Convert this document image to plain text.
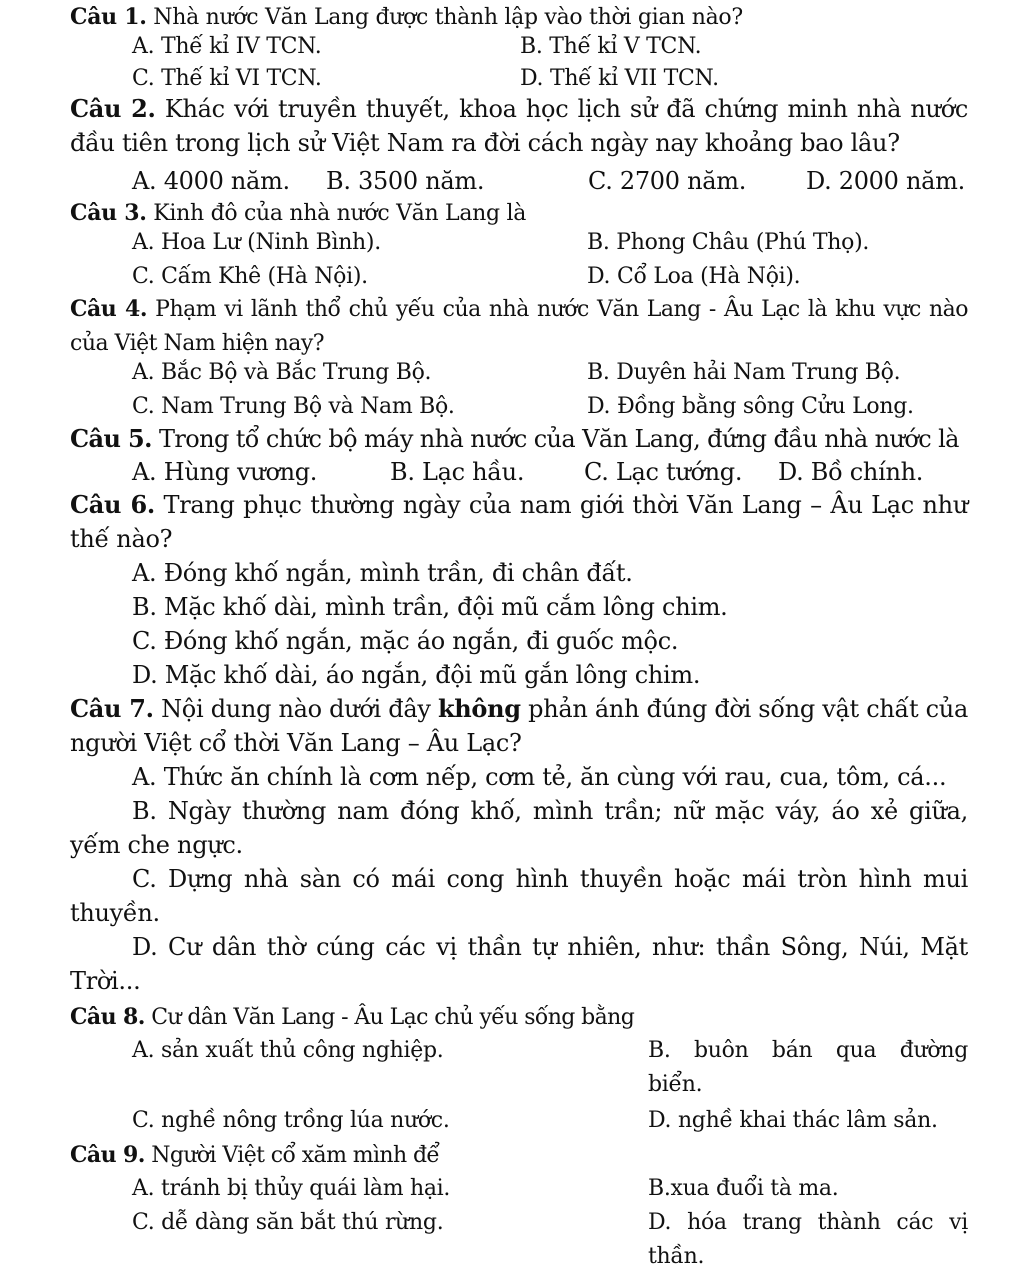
Câu 1. Nhà nước Văn Lang được thành lập vào thời gian nào?
A. Thế kỉ IV TCN.	B. Thế kỉ V TCN.
C. Thế kỉ VI TCN.	D. Thế kỉ VII TCN.
Câu 2. Khác với truyền thuyết, khoa học lịch sử đã chứng minh nhà nước đầu tiên trong lịch sử Việt Nam ra đời cách ngày nay khoảng bao lâu?
A. 4000 năm. B. 3500 năm.	C. 2700 năm. D. 2000 năm.
Câu 3. Kinh đô của nhà nước Văn Lang là
A. Hoa Lư (Ninh Bình).	B. Phong Châu (Phú Thọ).
C. Cấm Khê (Hà Nội).	D. Cổ Loa (Hà Nội).
Câu 4. Phạm vi lãnh thổ chủ yếu của nhà nước Văn Lang - Âu Lạc là khu vực nào của Việt Nam hiện nay?
A. Bắc Bộ và Bắc Trung Bộ.	B. Duyên hải Nam Trung Bộ.
C. Nam Trung Bộ và Nam Bộ.	D. Đồng bằng sông Cửu Long.
Câu 5. Trong tổ chức bộ máy nhà nước của Văn Lang, đứng đầu nhà nước là
A. Hùng vương.	B. Lạc hầu. C. Lạc tướng. D. Bồ chính.
Câu 6. Trang phục thường ngày của nam giới thời Văn Lang – Âu Lạc như thế nào?
A. Đóng khố ngắn, mình trần, đi chân đất.
B. Mặc khố dài, mình trần, đội mũ cắm lông chim.
C. Đóng khố ngắn, mặc áo ngắn, đi guốc mộc.
D. Mặc khố dài, áo ngắn, đội mũ gắn lông chim.
Câu 7. Nội dung nào dưới đây không phản ánh đúng đời sống vật chất của người Việt cổ thời Văn Lang – Âu Lạc?
A. Thức ăn chính là cơm nếp, cơm tẻ, ăn cùng với rau, cua, tôm, cá...
B. Ngày thường nam đóng khố, mình trần; nữ mặc váy, áo xẻ giữa, yếm che ngực.
C. Dựng nhà sàn có mái cong hình thuyền hoặc mái tròn hình mui thuyền.
D. Cư dân thờ cúng các vị thần tự nhiên, như: thần Sông, Núi, Mặt Trời...
Câu 8. Cư dân Văn Lang - Âu Lạc chủ yếu sống bằng
A. sản xuất thủ công nghiệp.	B. buôn bán qua đường biển.
C. nghề nông trồng lúa nước.	D. nghề khai thác lâm sản.
Câu 9. Người Việt cổ xăm mình để
A. tránh bị thủy quái làm hại.	B.xua đuổi tà ma.
C. dễ dàng săn bắt thú rừng.	D. hóa trang thành các vị thần.
